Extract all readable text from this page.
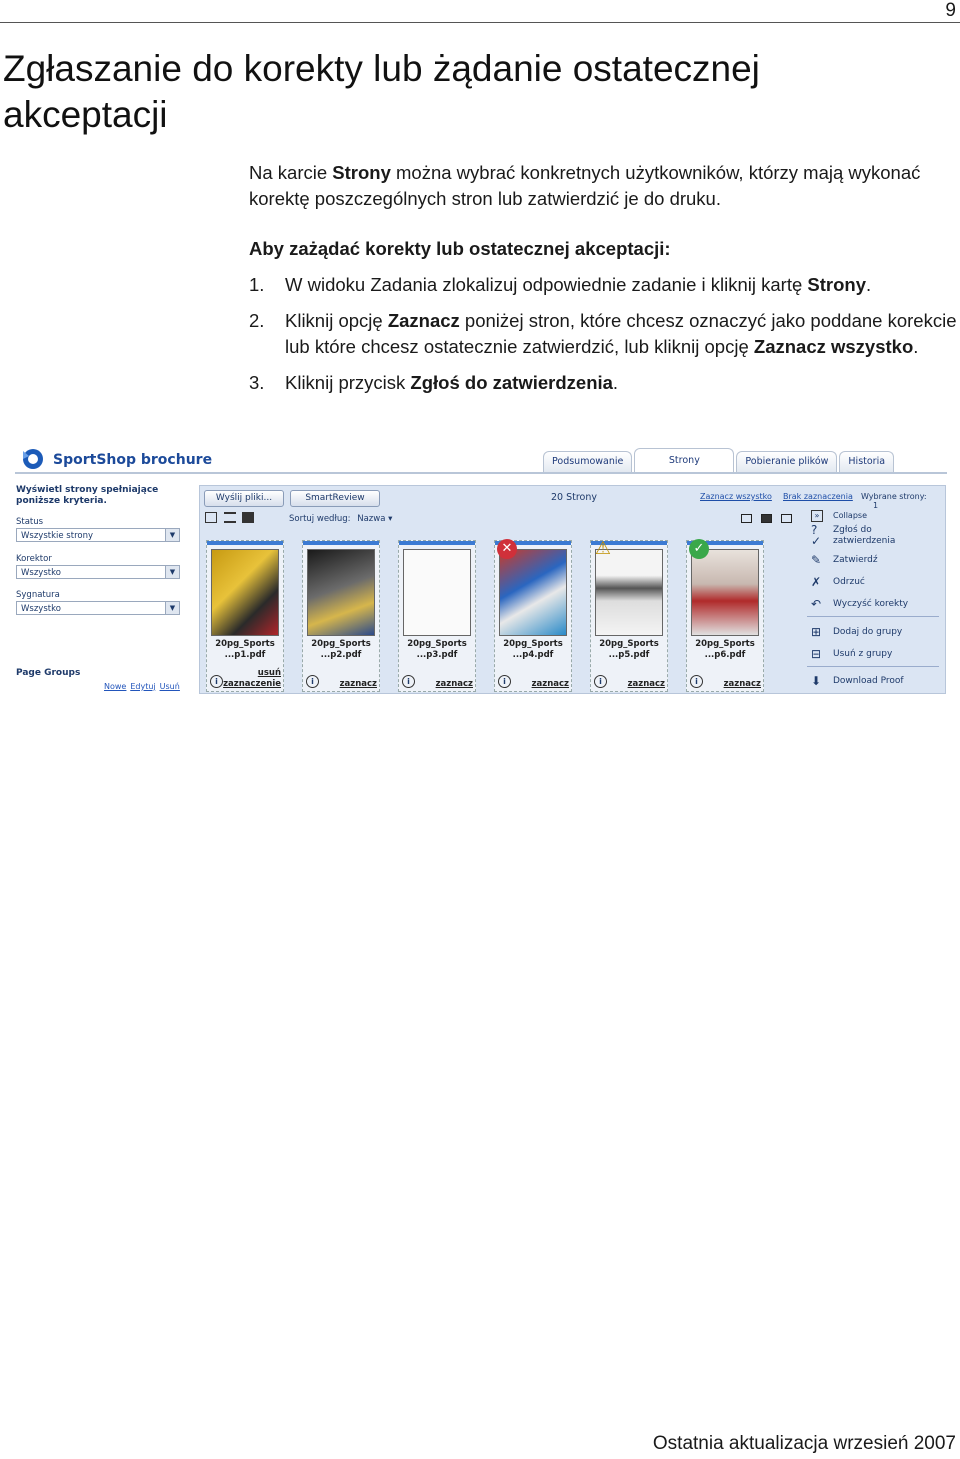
9
Zgłaszanie do korekty lub żądanie ostatecznej akceptacji
Na karcie Strony można wybrać konkretnych użytkowników, którzy mają wykonać korektę poszczególnych stron lub zatwierdzić je do druku.
Aby zażądać korekty lub ostatecznej akceptacji:
1. W widoku Zadania zlokalizuj odpowiednie zadanie i kliknij kartę Strony.
2. Kliknij opcję Zaznacz poniżej stron, które chcesz oznaczyć jako poddane korekcie lub które chcesz ostatecznie zatwierdzić, lub kliknij opcję Zaznacz wszystko.
3. Kliknij przycisk Zgłoś do zatwierdzenia.
SportShop brochure	Podsumowanie	Strony	Pobieranie plików	Historia
Wyświetl strony spełniające poniższe kryteria.
Status
Wszystkie strony	▼
Korektor
Wszystko	▼
Sygnatura
Wszystko	▼
Page Groups
Nowe Edytuj Usuń
Wyślij pliki...	SmartReview	20 Strony	Zaznacz wszystko Brak zaznaczenia Wybrane strony: 1
Sortuj według: Nazwa ▾
20pg_Sports ...p1.pdf
i
usuń
zaznaczenie
20pg_Sports ...p2.pdf
i	zaznacz
20pg_Sports ...p3.pdf
i	zaznacz
✕
20pg_Sports ...p4.pdf
i	zaznacz
⚠
20pg_Sports ...p5.pdf
i	zaznacz
✓
20pg_Sports ...p6.pdf
i	zaznacz
»	Collapse
?✓
Zgłoś do zatwierdzenia
✎	Zatwierdź
✗	Odrzuć
↶	Wyczyść korekty
⊞	Dodaj do grupy
⊟	Usuń z grupy
⬇	Download Proof
Ostatnia aktualizacja wrzesień 2007
